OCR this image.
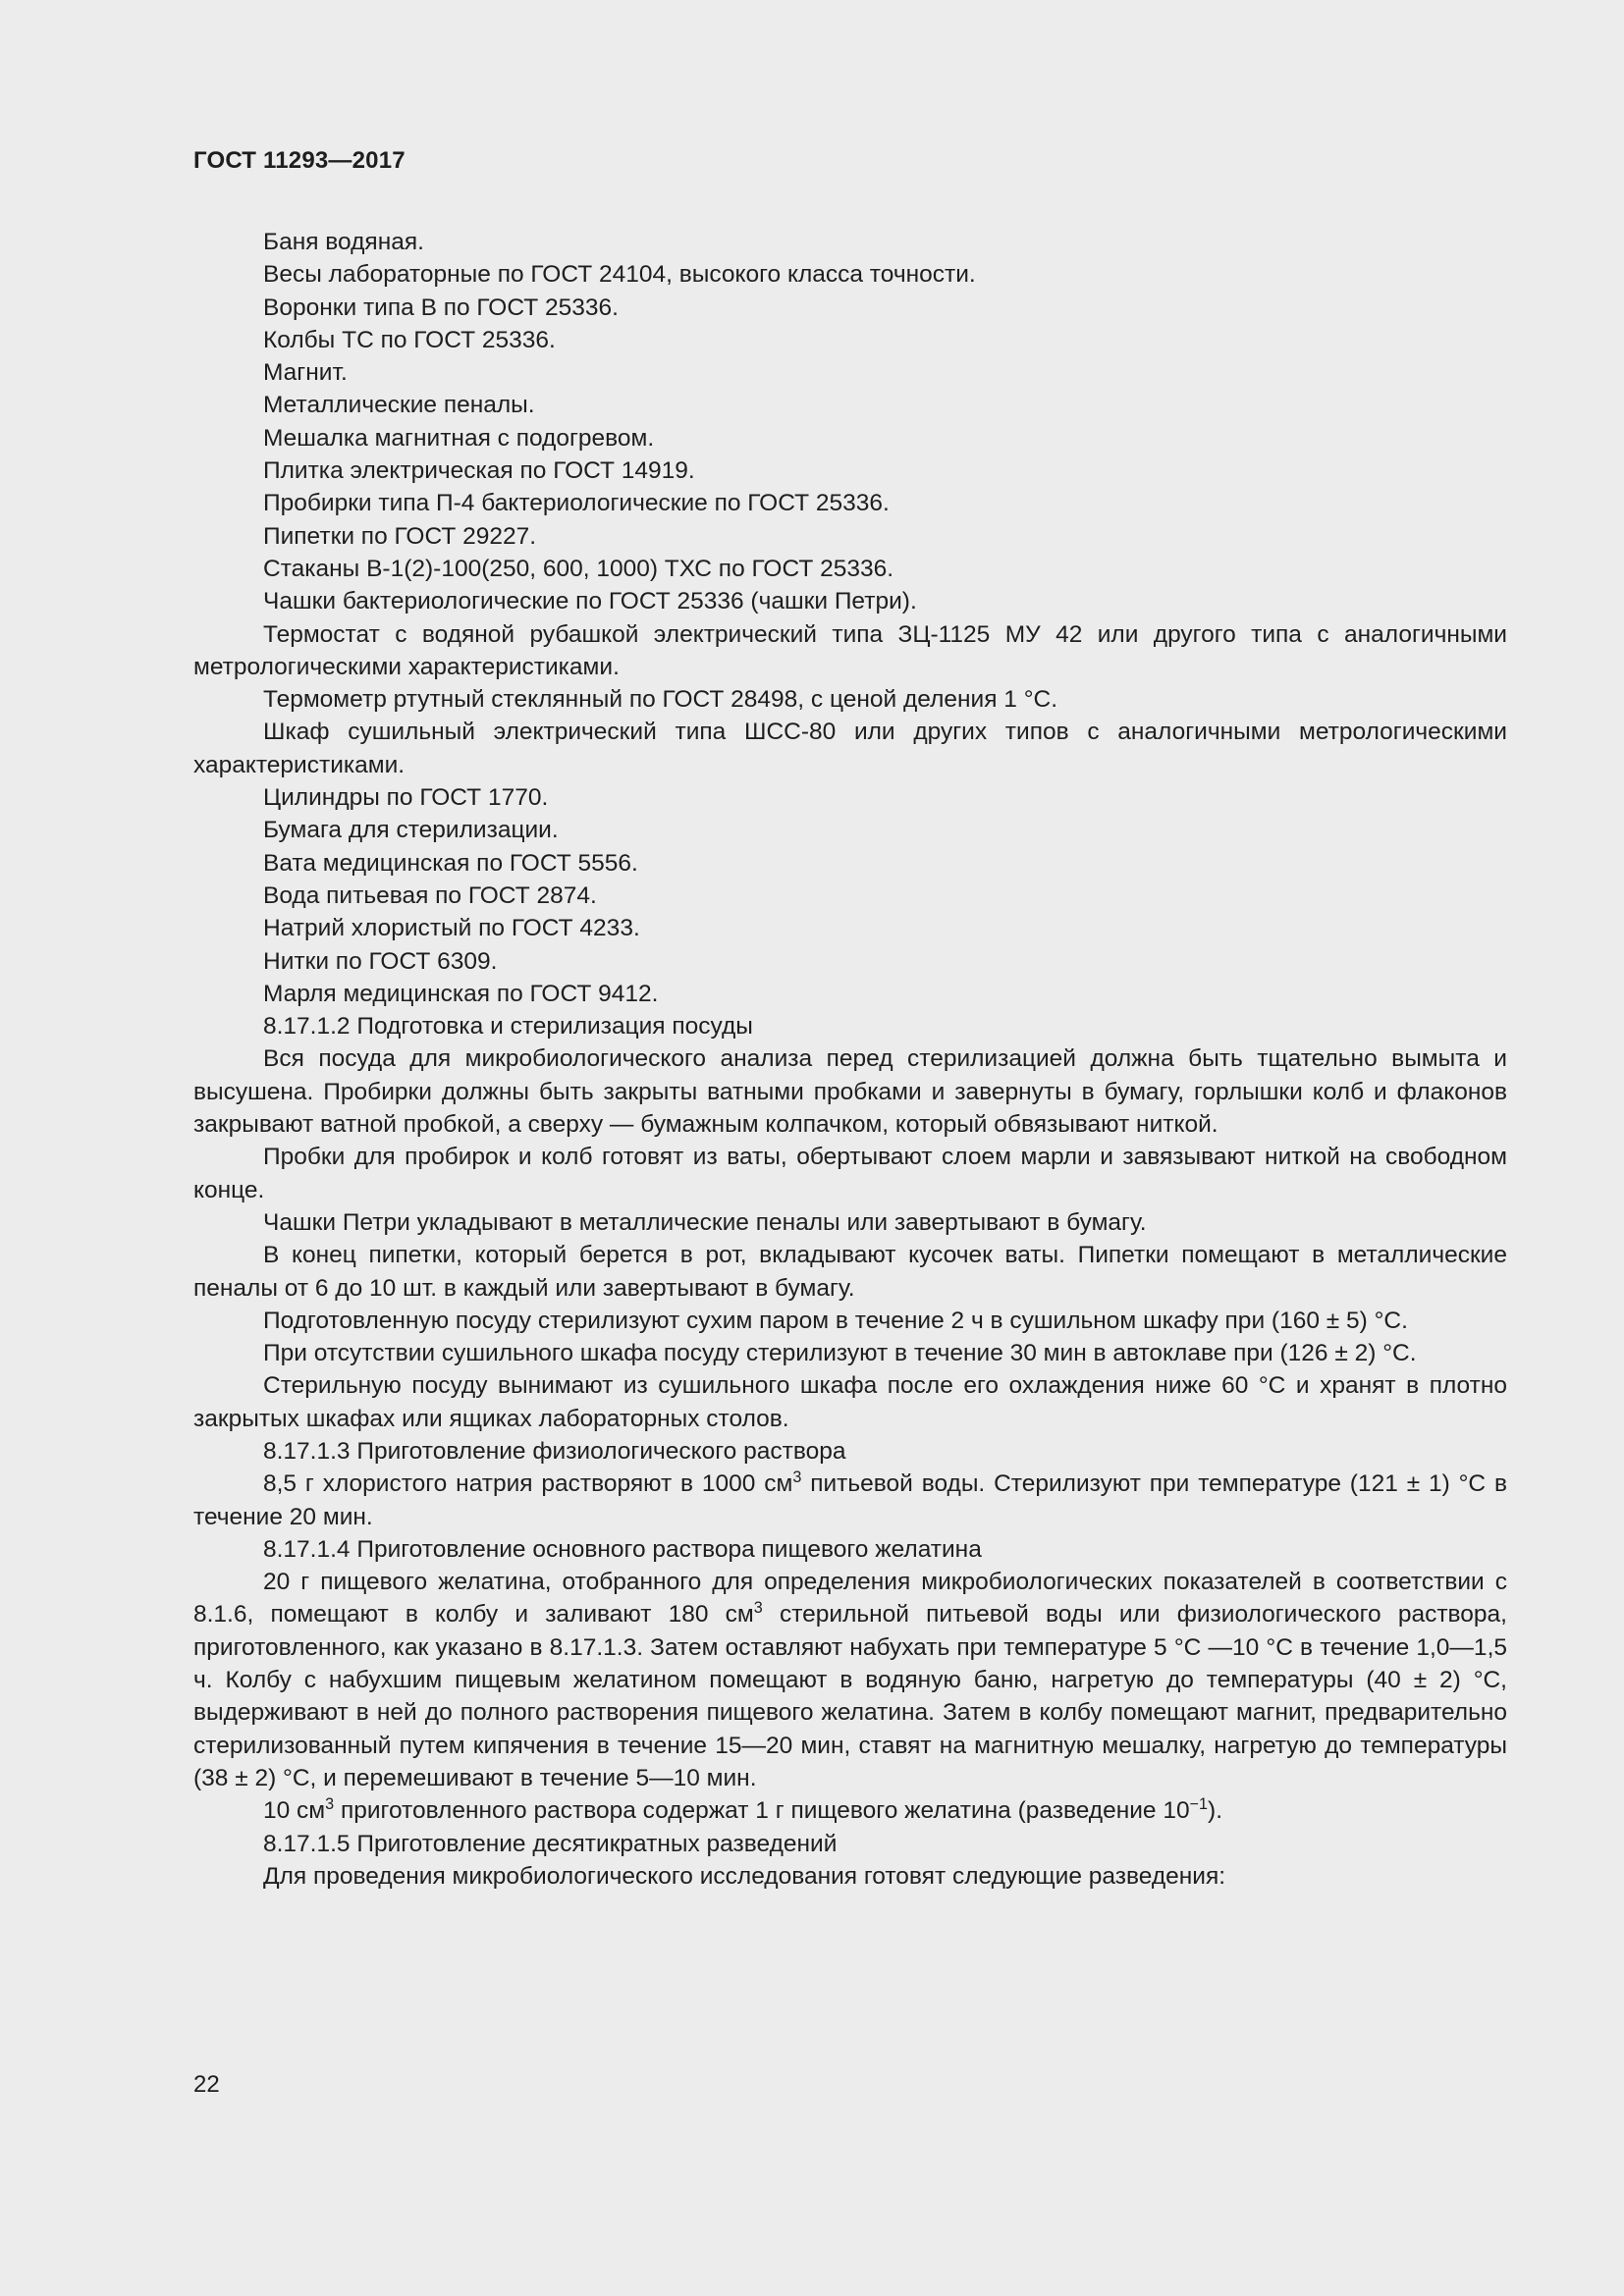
ГОСТ 11293—2017

Баня водяная.

Весы лабораторные по ГОСТ 24104, высокого класса точности.

Воронки типа В по ГОСТ 25336.

Колбы ТС по ГОСТ 25336.

Магнит.

Металлические пеналы.

Мешалка магнитная с подогревом.

Плитка электрическая по ГОСТ 14919.

Пробирки типа П-4 бактериологические по ГОСТ 25336.

Пипетки по ГОСТ 29227.

Стаканы В-1(2)-100(250, 600, 1000) ТХС по ГОСТ 25336.

Чашки бактериологические по ГОСТ 25336 (чашки Петри).

Термостат с водяной рубашкой электрический типа ЗЦ-1125 МУ 42 или другого типа с аналогичными метрологическими характеристиками.

Термометр ртутный стеклянный по ГОСТ 28498, с ценой деления 1 °С.

Шкаф сушильный электрический типа ШСС-80 или других типов с аналогичными метрологическими характеристиками.

Цилиндры по ГОСТ 1770.

Бумага для стерилизации.

Вата медицинская по ГОСТ 5556.

Вода питьевая по ГОСТ 2874.

Натрий хлористый по ГОСТ 4233.

Нитки по ГОСТ 6309.

Марля медицинская по ГОСТ 9412.

8.17.1.2 Подготовка и стерилизация посуды

Вся посуда для микробиологического анализа перед стерилизацией должна быть тщательно вымыта и высушена. Пробирки должны быть закрыты ватными пробками и завернуты в бумагу, горлышки колб и флаконов закрывают ватной пробкой, а сверху — бумажным колпачком, который обвязывают ниткой.

Пробки для пробирок и колб готовят из ваты, обертывают слоем марли и завязывают ниткой на свободном конце.

Чашки Петри укладывают в металлические пеналы или завертывают в бумагу.

В конец пипетки, который берется в рот, вкладывают кусочек ваты. Пипетки помещают в металлические пеналы от 6 до 10 шт. в каждый или завертывают в бумагу.

Подготовленную посуду стерилизуют сухим паром в течение 2 ч в сушильном шкафу при (160 ± 5) °С.

При отсутствии сушильного шкафа посуду стерилизуют в течение 30 мин в автоклаве при (126 ± 2) °С.

Стерильную посуду вынимают из сушильного шкафа после его охлаждения ниже 60 °С и хранят в плотно закрытых шкафах или ящиках лабораторных столов.

8.17.1.3 Приготовление физиологического раствора

8,5 г хлористого натрия растворяют в 1000 $см^3$ питьевой воды. Стерилизуют при температуре (121 ± 1) °С в течение 20 мин.

8.17.1.4 Приготовление основного раствора пищевого желатина

20 г пищевого желатина, отобранного для определения микробиологических показателей в соответствии с 8.1.6, помещают в колбу и заливают 180 $см^3$ стерильной питьевой воды или физиологического раствора, приготовленного, как указано в 8.17.1.3. Затем оставляют набухать при температуре 5 °С —10 °С в течение 1,0—1,5 ч. Колбу с набухшим пищевым желатином помещают в водяную баню, нагретую до температуры (40 ± 2) °С, выдерживают в ней до полного растворения пищевого желатина. Затем в колбу помещают магнит, предварительно стерилизованный путем кипячения в течение 15—20 мин, ставят на магнитную мешалку, нагретую до температуры (38 ± 2) °С, и перемешивают в течение 5—10 мин.

10 $см^3$ приготовленного раствора содержат 1 г пищевого желатина (разведение $10^{-1}$).

8.17.1.5 Приготовление десятикратных разведений

Для проведения микробиологического исследования готовят следующие разведения:

22
